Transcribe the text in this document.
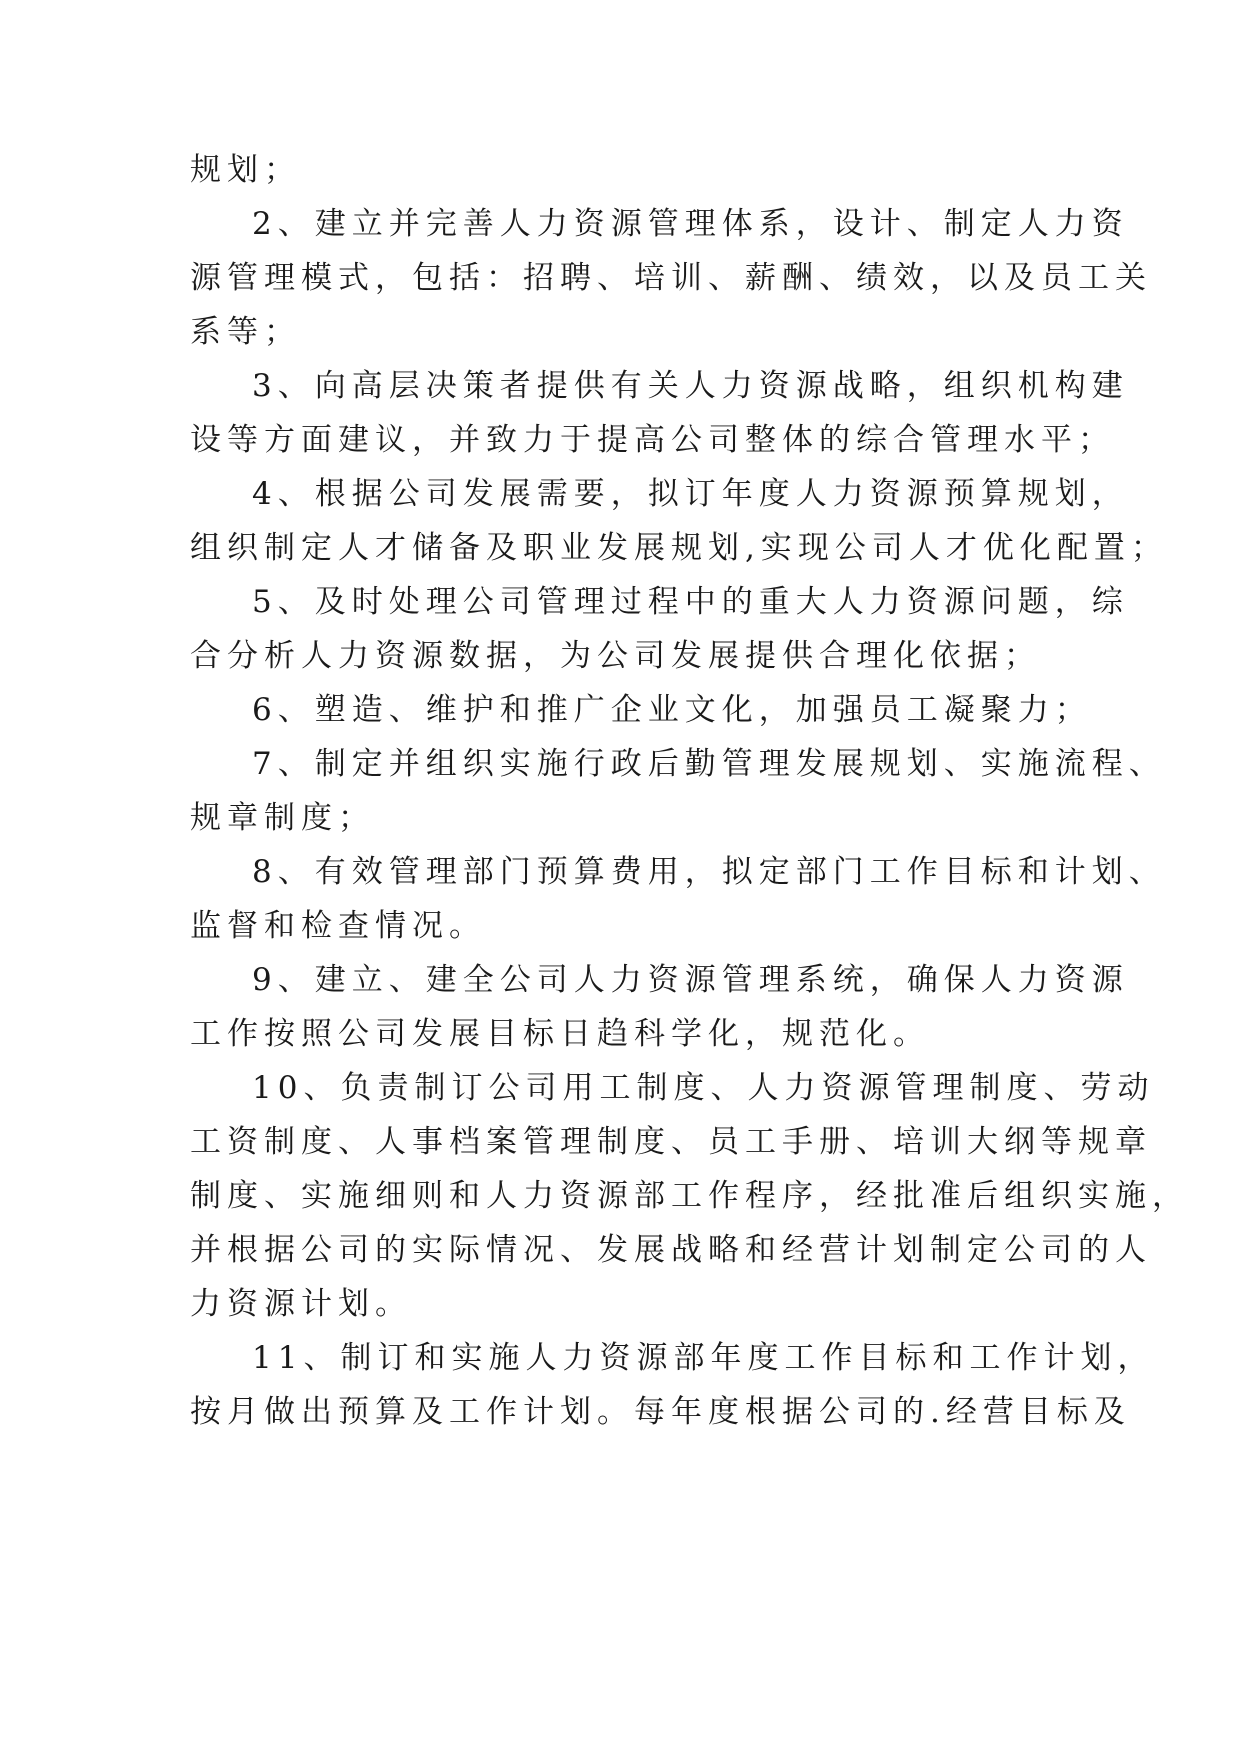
规划；
2、建立并完善人力资源管理体系，设计、制定人力资
源管理模式，包括：招聘、培训、薪酬、绩效，以及员工关
系等；
3、向高层决策者提供有关人力资源战略，组织机构建
设等方面建议，并致力于提高公司整体的综合管理水平；
4、根据公司发展需要，拟订年度人力资源预算规划，
组织制定人才储备及职业发展规划,实现公司人才优化配置；
5、及时处理公司管理过程中的重大人力资源问题，综
合分析人力资源数据，为公司发展提供合理化依据；
6、塑造、维护和推广企业文化，加强员工凝聚力；
7、制定并组织实施行政后勤管理发展规划、实施流程、
规章制度；
8、有效管理部门预算费用，拟定部门工作目标和计划、
监督和检查情况。
9、建立、建全公司人力资源管理系统，确保人力资源
工作按照公司发展目标日趋科学化，规范化。
10、负责制订公司用工制度、人力资源管理制度、劳动
工资制度、人事档案管理制度、员工手册、培训大纲等规章
制度、实施细则和人力资源部工作程序，经批准后组织实施，
并根据公司的实际情况、发展战略和经营计划制定公司的人
力资源计划。
11、制订和实施人力资源部年度工作目标和工作计划，
按月做出预算及工作计划。每年度根据公司的.经营目标及
